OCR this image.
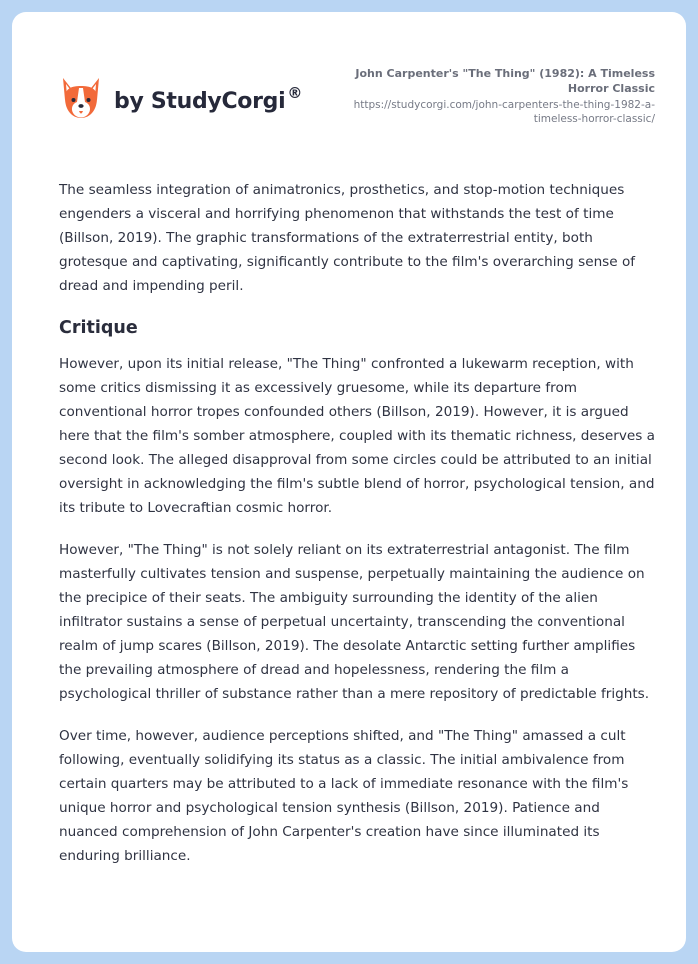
by StudyCorgi ®
John Carpenter's "The Thing" (1982): A Timeless Horror Classic
https://studycorgi.com/john-carpenters-the-thing-1982-a-timeless-horror-classic/

The seamless integration of animatronics, prosthetics, and stop-motion techniques engenders a visceral and horrifying phenomenon that withstands the test of time (Billson, 2019). The graphic transformations of the extraterrestrial entity, both grotesque and captivating, significantly contribute to the film's overarching sense of dread and impending peril.

Critique

However, upon its initial release, "The Thing" confronted a lukewarm reception, with some critics dismissing it as excessively gruesome, while its departure from conventional horror tropes confounded others (Billson, 2019). However, it is argued here that the film's somber atmosphere, coupled with its thematic richness, deserves a second look. The alleged disapproval from some circles could be attributed to an initial oversight in acknowledging the film's subtle blend of horror, psychological tension, and its tribute to Lovecraftian cosmic horror.

However, "The Thing" is not solely reliant on its extraterrestrial antagonist. The film masterfully cultivates tension and suspense, perpetually maintaining the audience on the precipice of their seats. The ambiguity surrounding the identity of the alien infiltrator sustains a sense of perpetual uncertainty, transcending the conventional realm of jump scares (Billson, 2019). The desolate Antarctic setting further amplifies the prevailing atmosphere of dread and hopelessness, rendering the film a psychological thriller of substance rather than a mere repository of predictable frights.

Over time, however, audience perceptions shifted, and "The Thing" amassed a cult following, eventually solidifying its status as a classic. The initial ambivalence from certain quarters may be attributed to a lack of immediate resonance with the film's unique horror and psychological tension synthesis (Billson, 2019). Patience and nuanced comprehension of John Carpenter's creation have since illuminated its enduring brilliance.
